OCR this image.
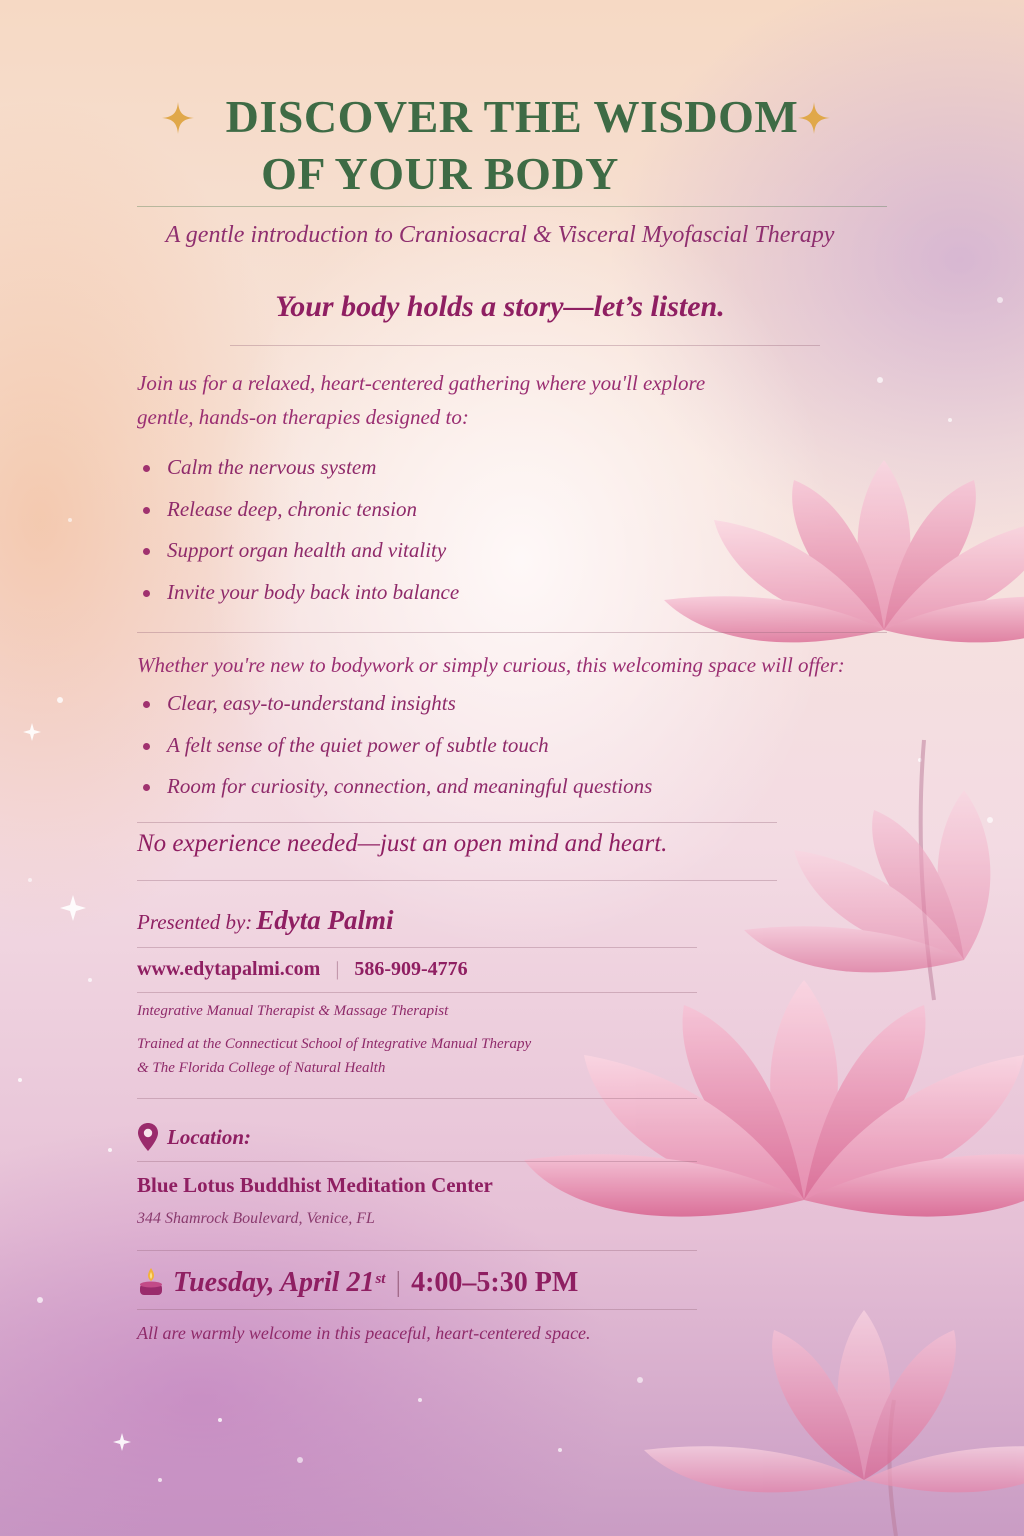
DISCOVER THE WISDOM
OF YOUR BODY
A gentle introduction to Craniosacral & Visceral Myofascial Therapy
Your body holds a story—let’s listen.
Join us for a relaxed, heart-centered gathering where you'll explore
gentle, hands-on therapies designed to:
Calm the nervous system
Release deep, chronic tension
Support organ health and vitality
Invite your body back into balance
Whether you're new to bodywork or simply curious, this welcoming space will offer:
Clear, easy-to-understand insights
A felt sense of the quiet power of subtle touch
Room for curiosity, connection, and meaningful questions
No experience needed—just an open mind and heart.
Presented by: Edyta Palmi
www.edytapalmi.com | 586-909-4776
Integrative Manual Therapist & Massage Therapist
Trained at the Connecticut School of Integrative Manual Therapy
& The Florida College of Natural Health
Location:
Blue Lotus Buddhist Meditation Center
344 Shamrock Boulevard, Venice, FL
Tuesday, April 21st | 4:00–5:30 PM
All are warmly welcome in this peaceful, heart-centered space.
